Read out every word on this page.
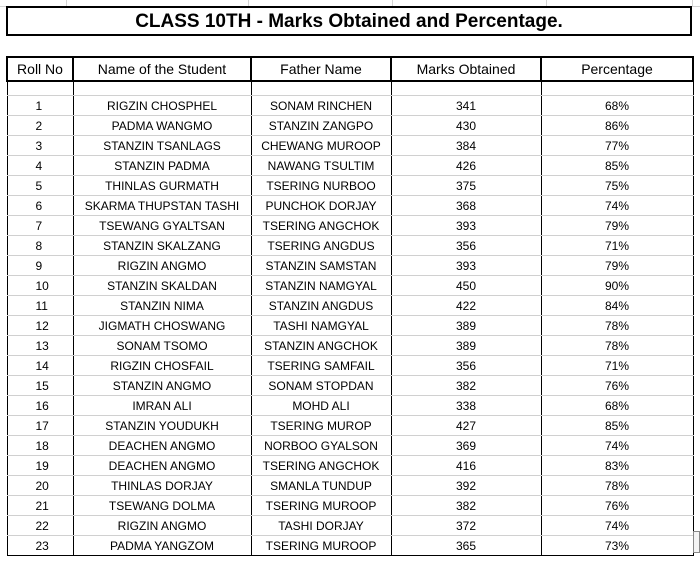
CLASS 10TH - Marks Obtained and Percentage.
Roll No	Name of the Student	Father Name	Marks Obtained	Percentage

1	RIGZIN CHOSPHEL	SONAM RINCHEN	341	68%
2	PADMA WANGMO	STANZIN ZANGPO	430	86%
3	STANZIN TSANLAGS	CHEWANG MUROOP	384	77%
4	STANZIN PADMA	NAWANG TSULTIM	426	85%
5	THINLAS GURMATH	TSERING NURBOO	375	75%
6	SKARMA THUPSTAN TASHI	PUNCHOK DORJAY	368	74%
7	TSEWANG GYALTSAN	TSERING ANGCHOK	393	79%
8	STANZIN SKALZANG	TSERING ANGDUS	356	71%
9	RIGZIN ANGMO	STANZIN SAMSTAN	393	79%
10	STANZIN SKALDAN	STANZIN NAMGYAL	450	90%
11	STANZIN NIMA	STANZIN ANGDUS	422	84%
12	JIGMATH CHOSWANG	TASHI NAMGYAL	389	78%
13	SONAM TSOMO	STANZIN ANGCHOK	389	78%
14	RIGZIN CHOSFAIL	TSERING SAMFAIL	356	71%
15	STANZIN ANGMO	SONAM STOPDAN	382	76%
16	IMRAN ALI	MOHD ALI	338	68%
17	STANZIN YOUDUKH	TSERING MUROP	427	85%
18	DEACHEN ANGMO	NORBOO GYALSON	369	74%
19	DEACHEN ANGMO	TSERING ANGCHOK	416	83%
20	THINLAS DORJAY	SMANLA TUNDUP	392	78%
21	TSEWANG DOLMA	TSERING MUROOP	382	76%
22	RIGZIN ANGMO	TASHI DORJAY	372	74%
23	PADMA YANGZOM	TSERING MUROOP	365	73%
